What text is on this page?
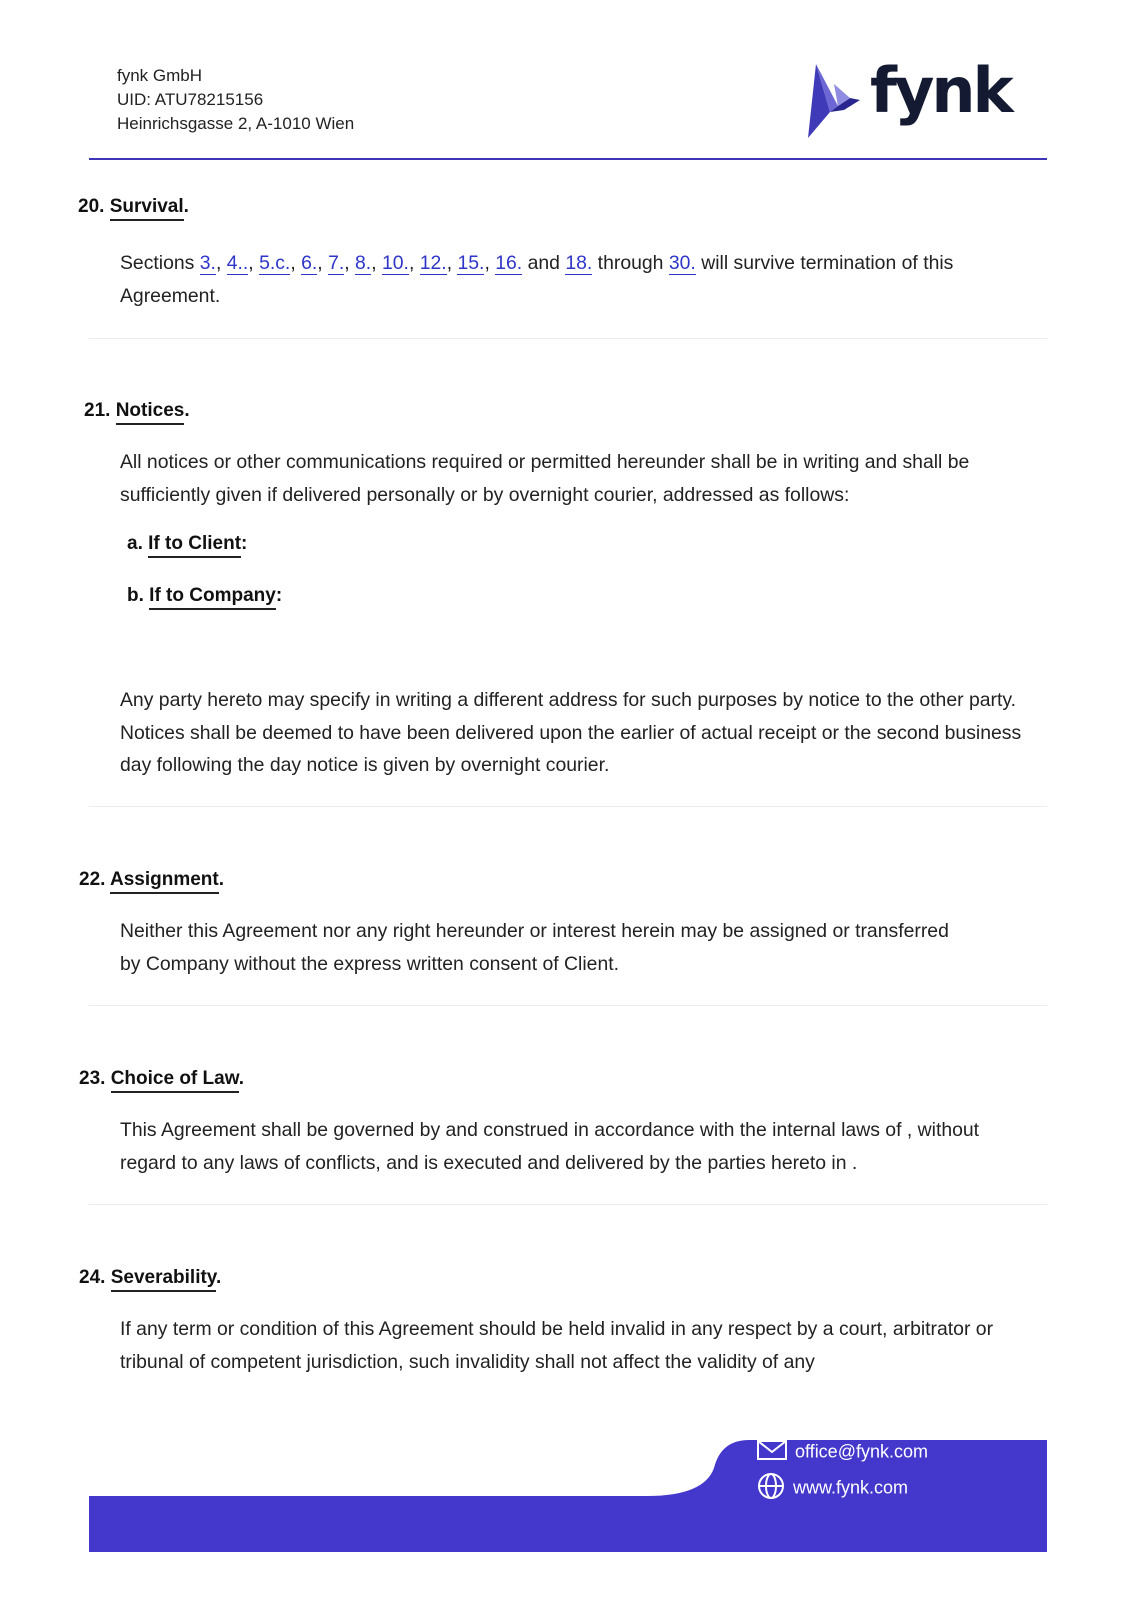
fynk GmbH
UID: ATU78215156
Heinrichsgasse 2, A-1010 Wien	fynk
20. Survival.
Sections 3., 4.., 5.c., 6., 7., 8., 10., 12., 15., 16. and 18. through 30. will survive termination of this Agreement.
21. Notices.
All notices or other communications required or permitted hereunder shall be in writing and shall be sufficiently given if delivered personally or by overnight courier, addressed as follows:
a. If to Client:
b. If to Company:
Any party hereto may specify in writing a different address for such purposes by notice to the other party. Notices shall be deemed to have been delivered upon the earlier of actual receipt or the second business day following the day notice is given by overnight courier.
22. Assignment.
Neither this Agreement nor any right hereunder or interest herein may be assigned or transferred by Company without the express written consent of Client.
23. Choice of Law.
This Agreement shall be governed by and construed in accordance with the internal laws of , without regard to any laws of conflicts, and is executed and delivered by the parties hereto in .
24. Severability.
If any term or condition of this Agreement should be held invalid in any respect by a court, arbitrator or tribunal of competent jurisdiction, such invalidity shall not affect the validity of any
office@fynk.com
www.fynk.com
